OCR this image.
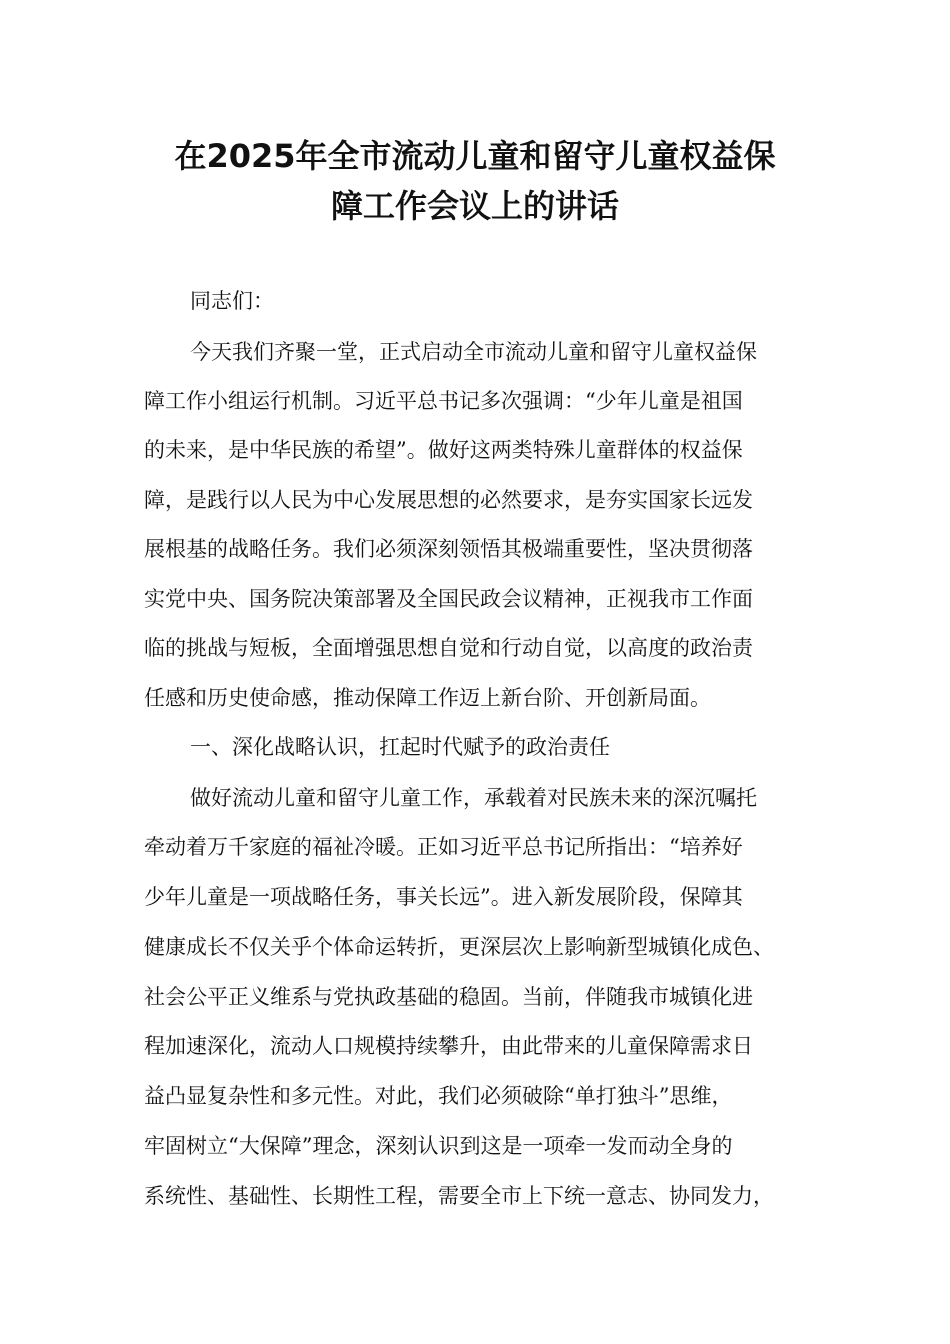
在2025年全市流动儿童和留守儿童权益保
障工作会议上的讲话
同志们：
今天我们齐聚一堂，正式启动全市流动儿童和留守儿童权益保
障工作小组运行机制。习近平总书记多次强调：“少年儿童是祖国
的未来，是中华民族的希望”。做好这两类特殊儿童群体的权益保
障，是践行以人民为中心发展思想的必然要求，是夯实国家长远发
展根基的战略任务。我们必须深刻领悟其极端重要性，坚决贯彻落
实党中央、国务院决策部署及全国民政会议精神，正视我市工作面
临的挑战与短板，全面增强思想自觉和行动自觉，以高度的政治责
任感和历史使命感，推动保障工作迈上新台阶、开创新局面。
一、深化战略认识，扛起时代赋予的政治责任
做好流动儿童和留守儿童工作，承载着对民族未来的深沉嘱托
牵动着万千家庭的福祉冷暖。正如习近平总书记所指出：“培养好
少年儿童是一项战略任务，事关长远”。进入新发展阶段，保障其
健康成长不仅关乎个体命运转折，更深层次上影响新型城镇化成色、
社会公平正义维系与党执政基础的稳固。当前，伴随我市城镇化进
程加速深化，流动人口规模持续攀升，由此带来的儿童保障需求日
益凸显复杂性和多元性。对此，我们必须破除“单打独斗”思维，
牢固树立“大保障”理念，深刻认识到这是一项牵一发而动全身的
系统性、基础性、长期性工程，需要全市上下统一意志、协同发力，
